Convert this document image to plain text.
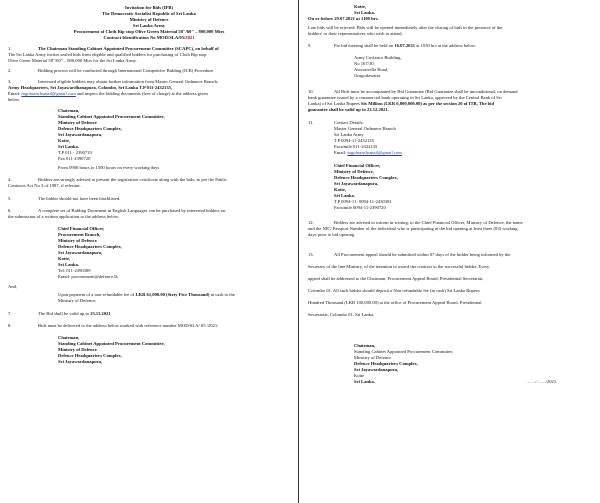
Invitation for Bids (IFB)
The Democratic Socialist Republic of Sri Lanka
Ministry of Defence
Sri Lanka Army
Procurement of Cloth Rip stop Olive Green Material 58"/60" – 800,000 Mtrs
Contract Identification No MOD/SLA/05/2021
1.	The Chairman Standing Cabinet Appointed Procurement Committee (SCAPC), on behalf of
The Sri Lanka Army invites sealed bids from eligible and qualified bidders for purchasing of Cloth Rip stop
Olive Green Material 58"/60" – 800,000 Mtrs for the Sri Lanka Army.
2.	Bidding process will be conducted through International Competitive Bidding (ICB) Procedure.
3.	Interested eligible bidders may obtain further information from Master General Ordnance Branch,
Army Headquarters, Sri Jayawardhanapura, Colombo, Sri Lanka T.P 011-2432135,
Email: mgobranchsmail@gmail.com and inspect the bidding documents (free of charge) at the address given
below.
Chairman,
Standing Cabinet Appointed Procurement Committee,
Ministry of Defence
Defence Headquarters Complex,
Sri Jayawardanapura,
Kotte,
Sri Lanka.
T.P 011 - 2390719
Fax 011-2390720
From 0900 hours to 1500 hours on every working days
4.	Bidders are strongly advised to present the registration certificate along with the bids, as per the Public
Contracts Act No 3 of 1987, if relevant.
5.	The bidder should not have been blacklisted.
6.	A complete set of Bidding Document in English Languages can be purchased by interested bidders on
the submission of a written application to the address below;
Chief Financial Officer,
Procurement Branch,
Ministry of Defence
Defence Headquarters Complex,
Sri Jayawardanapura,
Kotte,
Sri Lanka.
Tel: 011-2390389
Email: procurement@defence.lk
And,
Upon payment of a non-refundable fee of LKR 61,000.00 (Sixty Five Thousand) in cash to the
Ministry of Defence,
7.	The Bid shall be valid up to 23.11.2021
8.	Bids must be delivered to the address below marked with reference number MOD/SLA/ 05 /2021:
Chairman,
Standing Cabinet Appointed Procurement Committee,
Ministry of Defence
Defence Headquarters Complex,
Sri Jayawardanapura,
Kotte,
Sri Lanka.
On or before 29.07.2021 at 1100 hrs.
Late bids will be rejected. Bids will be opened immediately after the closing of bids in the presence of the
bidders' or their representatives who wish to attend.
9.	Pre bid meeting shall be held on 16.07.2021 at 1030 hrs at the address below:
Army Cavlanco Building,
No 167/30,
Avissawella Road,
Orugodawatta.
10.	All Bids must be accompanied by Bid Guarantee (Bid Guarantee shall be unconditional, on demand
bank guarantee issued by a commercial bank operating in Sri Lanka, approved by the Central Bank of Sri
Lanka) of Sri Lanka Rupees Six Million (LKR 6,000,000.00) as per the section 20 of ITB, The bid
guarantee shall be valid up to 23.12.2021.
11.	Contact Details:
Master General Ordnance Branch
Sri Lanka Army
T.P 0094-11-2432135
Facsimile 011-2432135
Email: mgobranchsmail@gmail.com
Chief Financial Officer,
Ministry of Defence,
Defence Headquarters Complex,
Sri Jayawardanapura,
Kotte,
Sri Lanka.
T.P 0094-11- 0094-11-2430381
Facsimile 0094-11-2390720
12.	Bidders are advised to inform in writing, to the Chief Financial Officer, Ministry of Defence, the name
and the NIC/ Passport Number of the individual who is participating at the bid opening at least three (03) working
days prior to bid opening.
13.	All Procurement appeal should be submitted within 07 days of the bidder being informed by the
Secretary of the line Ministry, of the intention to award the contract to the successful bidder. Every
appeal shall be addressed to the Chairman, Procurement Appeal Board, Presidential Secretariat,
Colombo 01. All such bidder should deposit a Non refundable fee (in cash) Sri Lanka Rupees
Hundred Thousand (LKR 100,000.00) at the office of Procurement Appeal Board, Presidential
Secretariat, Colombo 01, Sri Lanka.
Chairman,
Standing Cabinet Appointed Procurement Committee,
Ministry of Defence
Defence Headquarters Complex,
Sri Jayawardanapura,
Kotte
Sri Lanka.	……/……/2021.
